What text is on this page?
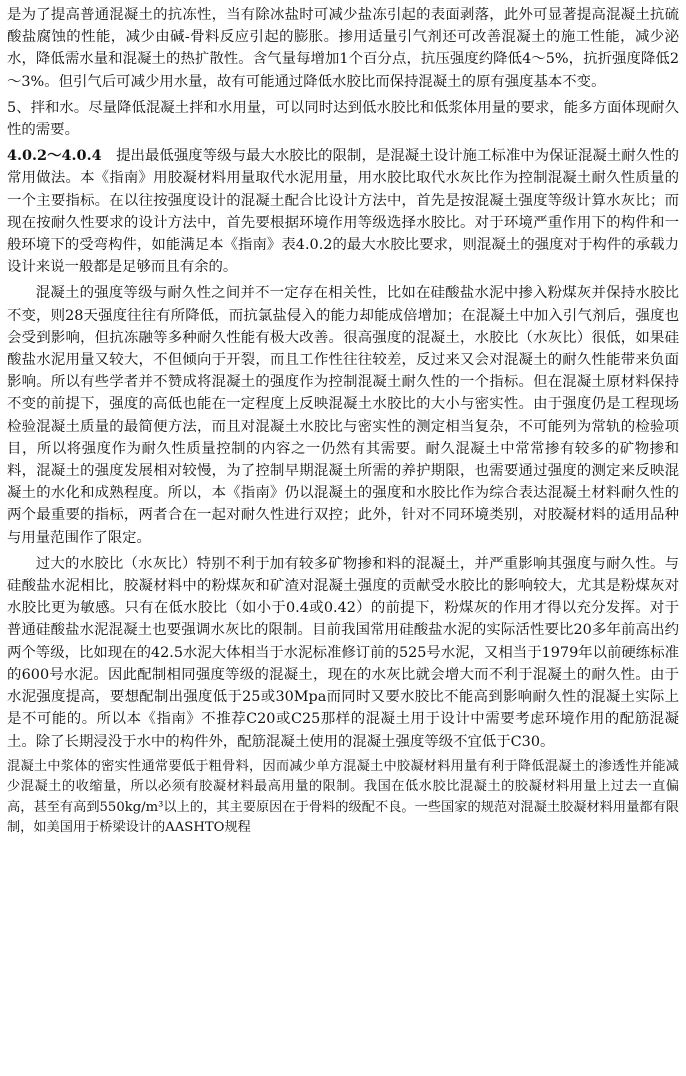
是为了提高普通混凝土的抗冻性，当有除冰盐时可减少盐冻引起的表面剥落，此外可显著提高混凝土抗硫酸盐腐蚀的性能，减少由碱-骨料反应引起的膨胀。掺用适量引气剂还可改善混凝土的施工性能，减少泌水，降低需水量和混凝土的热扩散性。含气量每增加1个百分点，抗压强度约降低4～5%，抗折强度降低2～3%。但引气后可减少用水量，故有可能通过降低水胶比而保持混凝土的原有强度基本不变。

5、拌和水。尽量降低混凝土拌和水用量，可以同时达到低水胶比和低浆体用量的要求，能多方面体现耐久性的需要。

4.0.2～4.0.4　 提出最低强度等级与最大水胶比的限制，是混凝土设计施工标准中为保证混凝土耐久性的常用做法。本《指南》用胶凝材料用量取代水泥用量，用水胶比取代水灰比作为控制混凝土耐久性质量的一个主要指标。在以往按强度设计的混凝土配合比设计方法中，首先是按混凝土强度等级计算水灰比；而现在按耐久性要求的设计方法中，首先要根据环境作用等级选择水胶比。对于环境严重作用下的构件和一般环境下的受弯构件，如能满足本《指南》表4.0.2的最大水胶比要求，则混凝土的强度对于构件的承载力设计来说一般都是足够而且有余的。

混凝土的强度等级与耐久性之间并不一定存在相关性，比如在硅酸盐水泥中掺入粉煤灰并保持水胶比不变，则28天强度往往有所降低，而抗氯盐侵入的能力却能成倍增加；在混凝土中加入引气剂后，强度也会受到影响，但抗冻融等多种耐久性能有极大改善。很高强度的混凝土，水胶比（水灰比）很低，如果硅酸盐水泥用量又较大，不但倾向于开裂，而且工作性往往较差，反过来又会对混凝土的耐久性能带来负面影响。所以有些学者并不赞成将混凝土的强度作为控制混凝土耐久性的一个指标。但在混凝土原材料保持不变的前提下，强度的高低也能在一定程度上反映混凝土水胶比的大小与密实性。由于强度仍是工程现场检验混凝土质量的最简便方法，而且对混凝土水胶比与密实性的测定相当复杂，不可能列为常轨的检验项目，所以将强度作为耐久性质量控制的内容之一仍然有其需要。耐久混凝土中常常掺有较多的矿物掺和料，混凝土的强度发展相对较慢，为了控制早期混凝土所需的养护期限，也需要通过强度的测定来反映混凝土的水化和成熟程度。所以，本《指南》仍以混凝土的强度和水胶比作为综合表达混凝土材料耐久性的两个最重要的指标，两者合在一起对耐久性进行双控；此外，针对不同环境类别，对胶凝材料的适用品种与用量范围作了限定。

过大的水胶比（水灰比）特别不利于加有较多矿物掺和料的混凝土，并严重影响其强度与耐久性。与硅酸盐水泥相比，胶凝材料中的粉煤灰和矿渣对混凝土强度的贡献受水胶比的影响较大，尤其是粉煤灰对水胶比更为敏感。只有在低水胶比（如小于0.4或0.42）的前提下，粉煤灰的作用才得以充分发挥。对于普通硅酸盐水泥混凝土也要强调水灰比的限制。目前我国常用硅酸盐水泥的实际活性要比20多年前高出约两个等级，比如现在的42.5水泥大体相当于水泥标准修订前的525号水泥，又相当于1979年以前硬练标准的600号水泥。因此配制相同强度等级的混凝土，现在的水灰比就会增大而不利于混凝土的耐久性。由于水泥强度提高，要想配制出强度低于25或30Mpa而同时又要水胶比不能高到影响耐久性的混凝土实际上是不可能的。所以本《指南》不推荐C20或C25那样的混凝土用于设计中需要考虑环境作用的配筋混凝土。除了长期浸没于水中的构件外，配筋混凝土使用的混凝土强度等级不宜低于C30。

混凝土中浆体的密实性通常要低于粗骨料，因而减少单方混凝土中胶凝材料用量有利于降低混凝土的渗透性并能减少混凝土的收缩量，所以必须有胶凝材料最高用量的限制。我国在低水胶比混凝土的胶凝材料用量上过去一直偏高，甚至有高到550kg/m³以上的，其主要原因在于骨料的级配不良。一些国家的规范对混凝土胶凝材料用量都有限制，如美国用于桥梁设计的AASHTO规程
